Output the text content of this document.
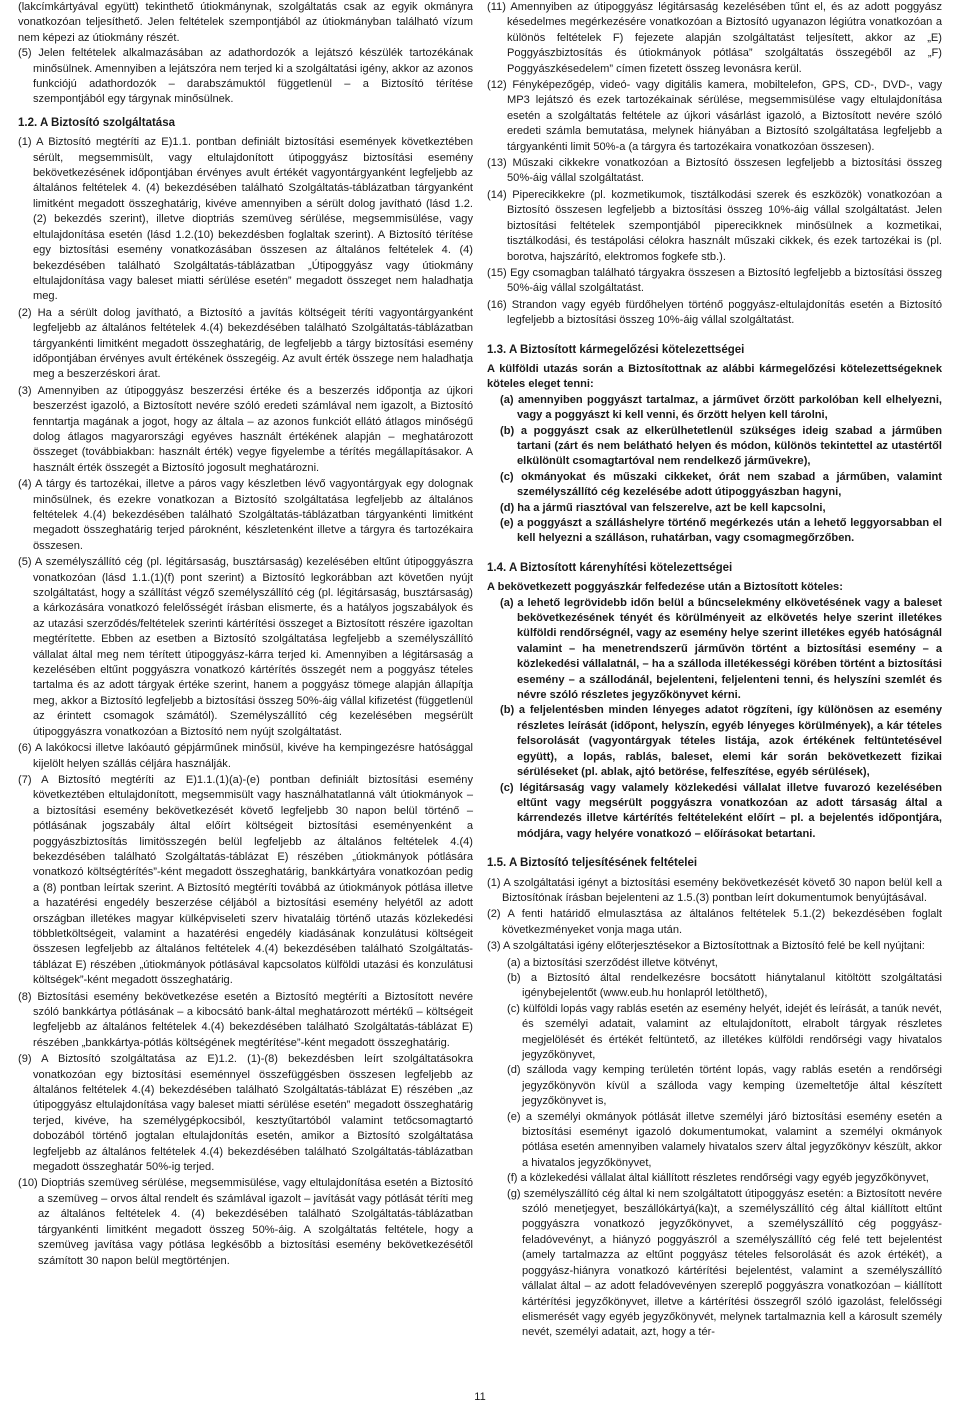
(lakcímkártyával együtt) tekinthető útiokmánynak, szolgáltatás csak az egyik okmányra vonatkozóan teljesíthető. Jelen feltételek szempontjából az útiokmányban található vízum nem képezi az útiokmány részét.

(5) Jelen feltételek alkalmazásában az adathordozók a lejátszó készülék tartozékának minősülnek. Amennyiben a lejátszóra nem terjed ki a szolgáltatási igény, akkor az azonos funkciójú adathordozók – darabszámuktól függetlenül – a Biztosító térítése szempontjából egy tárgynak minősülnek.

1.2. A Biztosító szolgáltatása

(1) A Biztosító megtéríti az E)1.1. pontban definiált biztosítási események következtében sérült, megsemmisült, vagy eltulajdonított útipoggyász biztosítási esemény bekövetkezésének időpontjában érvényes avult értékét vagyontárgyanként legfeljebb az általános feltételek 4. (4) bekezdésében található Szolgáltatás-táblázatban tárgyanként limitként megadott összeghatárig, kivéve amennyiben a sérült dolog javítható (lásd 1.2.(2) bekezdés szerint), illetve dioptriás szemüveg sérülése, megsemmisülése, vagy eltulajdonítása esetén (lásd 1.2.(10) bekezdésben foglaltak szerint). A Biztosító térítése egy biztosítási esemény vonatkozásában összesen az általános feltételek 4. (4) bekezdésében található Szolgáltatás-táblázatban „Útipoggyász vagy útiokmány eltulajdonítása vagy baleset miatti sérülése esetén” megadott összeget nem haladhatja meg.

(2) Ha a sérült dolog javítható, a Biztosító a javítás költségeit téríti vagyontárgyanként legfeljebb az általános feltételek 4.(4) bekezdésében található Szolgáltatás-táblázatban tárgyankénti limitként megadott összeghatárig, de legfeljebb a tárgy biztosítási esemény időpontjában érvényes avult értékének összegéig. Az avult érték összege nem haladhatja meg a beszerzéskori árat.

(3) Amennyiben az útipoggyász beszerzési értéke és a beszerzés időpontja az újkori beszerzést igazoló, a Biztosított nevére szóló eredeti számlával nem igazolt, a Biztosító fenntartja magának a jogot, hogy az általa – az azonos funkciót ellátó átlagos minőségű dolog átlagos magyarországi egyéves használt értékének alapján – meghatározott összeget (továbbiakban: használt érték) vegye figyelembe a térítés megállapításakor. A használt érték összegét a Biztosító jogosult meghatározni.

(4) A tárgy és tartozékai, illetve a páros vagy készletben lévő vagyontárgyak egy dolognak minősülnek, és ezekre vonatkozan a Biztosító szolgáltatása legfeljebb az általános feltételek 4.(4) bekezdésében található Szolgáltatás-táblázatban tárgyankénti limitként megadott összeghatárig terjed pároknént, készletenként illetve a tárgyra és tartozékaira összesen.

(5) A személyszállító cég (pl. légitársaság, busztársaság) kezelésében eltűnt útipoggyászra vonatkozóan (lásd 1.1.(1)(f) pont szerint) a Biztosító legkorábban azt követően nyújt szolgáltatást, hogy a szállítást végző személyszállító cég (pl. légitársaság, busztársaság) a kárkozására vonatkozó felelősségét írásban elismerte, és a hatályos jogszabályok és az utazási szerződés/feltételek szerinti kártérítési összeget a Biztosított részére igazoltan megtérítette. Ebben az esetben a Biztosító szolgáltatása legfeljebb a személyszállító vállalat által meg nem térített útipoggyász-kárra terjed ki. Amennyiben a légitársaság a kezelésében eltűnt poggyászra vonatkozó kártérítés összegét nem a poggyász tételes tartalma és az adott tárgyak értéke szerint, hanem a poggyász tömege alapján állapítja meg, akkor a Biztosító legfeljebb a biztosítási összeg 50%-áig vállal kifizetést (függetlenül az érintett csomagok számától). Személyszállító cég kezelésében megsérült útipoggyászra vonatkozóan a Biztosító nem nyújt szolgáltatást.

(6) A lakókocsi illetve lakóautó gépjárműnek minősül, kivéve ha kempingezésre hatósággal kijelölt helyen szállás céljára használják.

(7) A Biztosító megtéríti az E)1.1.(1)(a)-(e) pontban definiált biztosítási esemény következtében eltulajdonított, megsemmisült vagy használhatatlanná vált útiokmányok – a biztosítási esemény bekövetkezését követő legfeljebb 30 napon belül történő – pótlásának jogszabály által előírt költségeit biztosítási eseményenként a poggyászbiztosítás limitösszegén belül legfeljebb az általános feltételek 4.(4) bekezdésében található Szolgáltatás-táblázat E) részében „útiokmányok pótlására vonatkozó költségtérítés”-ként megadott összeghatárig, bankkártyára vonatkozóan pedig a (8) pontban leírtak szerint. A Biztosító megtéríti továbbá az útiokmányok pótlása illetve a hazatérési engedély beszerzése céljából a biztosítási esemény helyétől az adott országban illetékes magyar külképviseleti szerv hivataláig történő utazás közlekedési többletköltségeit, valamint a hazatérési engedély kiadásának konzulátusi költségeit összesen legfeljebb az általános feltételek 4.(4) bekezdésében található Szolgáltatás-táblázat E) részében „útiokmányok pótlásával kapcsolatos külföldi utazási és konzulátusi költségek”-ként megadott összeghatárig.

(8) Biztosítási esemény bekövetkezése esetén a Biztosító megtéríti a Biztosított nevére szóló bankkártya pótlásának – a kibocsátó bank-által meghatározott mértékű – költségeit legfeljebb az általános feltételek 4.(4) bekezdésében található Szolgáltatás-táblázat E) részében „bankkártya-pótlás költségének megtérítése”-ként megadott összeghatárig.

(9) A Biztosító szolgáltatása az E)1.2. (1)-(8) bekezdésben leírt szolgáltatásokra vonatkozóan egy biztosítási eseménnyel összefüggésben összesen legfeljebb az általános feltételek 4.(4) bekezdésében található Szolgáltatás-táblázat E) részében „az útipoggyász eltulajdonítása vagy baleset miatti sérülése esetén” megadott összeghatárig terjed, kivéve, ha személygépkocsiból, kesztyűtartóból valamint tetőcsomagtartó dobozából történő jogtalan eltulajdonítás esetén, amikor a Biztosító szolgáltatása legfeljebb az általános feltételek 4.(4) bekezdésében található Szolgáltatás-táblázatban megadott összeghatár 50%-ig terjed.

(10) Dioptriás szemüveg sérülése, megsemmisülése, vagy eltulajdonítása esetén a Biztosító a szemüveg – orvos által rendelt és számlával igazolt – javítását vagy pótlását téríti meg az általános feltételek 4. (4) bekezdésében található Szolgáltatás-táblázatban tárgyankénti limitként megadott összeg 50%-áig. A szolgáltatás feltétele, hogy a szemüveg javítása vagy pótlása legkésőbb a biztosítási esemény bekövetkezésétől számított 30 napon belül megtörténjen.

(11) Amennyiben az útipoggyász légitársaság kezelésében tűnt el, és az adott poggyász késedelmes megérkezésére vonatkozóan a Biztosító ugyanazon légiútra vonatkozóan a különös feltételek F) fejezete alapján szolgáltatást teljesített, akkor az „E) Poggyászbiztosítás és útiokmányok pótlása” szolgáltatás összegéből az „F) Poggyászkésedelem” címen fizetett összeg levonásra kerül.

(12) Fényképezőgép, videó- vagy digitális kamera, mobiltelefon, GPS, CD-, DVD-, vagy MP3 lejátszó és ezek tartozékainak sérülése, megsemmisülése vagy eltulajdonítása esetén a szolgáltatás feltétele az újkori vásárlást igazoló, a Biztosított nevére szóló eredeti számla bemutatása, melynek hiányában a Biztosító szolgáltatása legfeljebb a tárgyankénti limit 50%-a (a tárgyra és tartozékaira vonatkozóan összesen).

(13) Műszaki cikkekre vonatkozóan a Biztosító összesen legfeljebb a biztosítási összeg 50%-áig vállal szolgáltatást.

(14) Piperecikkekre (pl. kozmetikumok, tisztálkodási szerek és eszközök) vonatkozóan a Biztosító összesen legfeljebb a biztosítási összeg 10%-áig vállal szolgáltatást. Jelen biztosítási feltételek szempontjából piperecikknek minősülnek a kozmetikai, tisztálkodási, és testápolási célokra használt műszaki cikkek, és ezek tartozékai is (pl. borotva, hajszárító, elektromos fogkefe stb.).

(15) Egy csomagban található tárgyakra összesen a Biztosító legfeljebb a biztosítási összeg 50%-áig vállal szolgáltatást.

(16) Strandon vagy egyéb fürdőhelyen történő poggyász-eltulajdonítás esetén a Biztosító legfeljebb a biztosítási összeg 10%-áig vállal szolgáltatást.

1.3. A Biztosított kármegelőzési kötelezettségei

A külföldi utazás során a Biztosítottnak az alábbi kármegelőzési kötelezettségeknek köteles eleget tenni:

(a) amennyiben poggyászt tartalmaz, a járművet őrzött parkolóban kell elhelyezni, vagy a poggyászt ki kell venni, és őrzött helyen kell tárolni,

(b) a poggyászt csak az elkerülhetetlenül szükséges ideig szabad a járműben tartani (zárt és nem belátható helyen és módon, különös tekintettel az utastértől elkülönült csomagtartóval nem rendelkező járművekre),

(c) okmányokat és műszaki cikkeket, órát nem szabad a járműben, valamint személyszállító cég kezelésébe adott útipoggyászban hagyni,

(d) ha a jármű riasztóval van felszerelve, azt be kell kapcsolni,

(e) a poggyászt a szálláshelyre történő megérkezés után a lehető leggyorsabban el kell helyezni a szálláson, ruhatárban, vagy csomagmegőrzőben.

1.4. A Biztosított kárenyhítési kötelezettségei

A bekövetkezett poggyászkár felfedezése után a Biztosított köteles:

(a) a lehető legrövidebb időn belül a bűncselekmény elkövetésének vagy a baleset bekövetkezésének tényét és körülményeit az elkövetés helye szerint illetékes külföldi rendőrségnél, vagy az esemény helye szerint illetékes egyéb hatóságnál valamint – ha menetrendszerű járművön történt a biztosítási esemény – a közlekedési vállalatnál, – ha a szálloda illetékességi körében történt a biztosítási esemény – a szállodánál, bejelenteni, feljelenteni tenni, és helyszíni szemlét és névre szóló részletes jegyzőkönyvet kérni.

(b) a feljelentésben minden lényeges adatot rögzíteni, így különösen az esemény részletes leírását (időpont, helyszín, egyéb lényeges körülmények), a kár tételes felsorolását (vagyontárgyak tételes listája, azok értékének feltüntetésével együtt), a lopás, rablás, baleset, elemi kár során bekövetkezett fizikai sérüléseket (pl. ablak, ajtó betörése, felfeszítése, egyéb sérülések),

(c) légitársaság vagy valamely közlekedési vállalat illetve fuvarozó kezelésében eltűnt vagy megsérült poggyászra vonatkozóan az adott társaság által a kárrendezés illetve kártérítés feltételeként előírt – pl. a bejelentés időpontjára, módjára, vagy helyére vonatkozó – előírásokat betartani.

1.5. A Biztosító teljesítésének feltételei

(1) A szolgáltatási igényt a biztosítási esemény bekövetkezését követő 30 napon belül kell a Biztosítónak írásban bejelenteni az 1.5.(3) pontban leírt dokumentumok benyújtásával.

(2) A fenti határidő elmulasztása az általános feltételek 5.1.(2) bekezdésében foglalt következményeket vonja maga után.

(3) A szolgáltatási igény előterjesztésekor a Biztosítottnak a Biztosító felé be kell nyújtani:

(a) a biztosítási szerződést illetve kötvényt,

(b) a Biztosító által rendelkezésre bocsátott hiánytalanul kitöltött szolgáltatási igénybejelentőt (www.eub.hu honlapról letölthető),

(c) külföldi lopás vagy rablás esetén az esemény helyét, idejét és leírását, a tanúk nevét, és személyi adatait, valamint az eltulajdonított, elrabolt tárgyak részletes megjelölését és értékét feltüntető, az illetékes külföldi rendőrségi vagy hivatalos jegyzőkönyvet,

(d) szálloda vagy kemping területén történt lopás, vagy rablás esetén a rendőrségi jegyzőkönyvön kívül a szálloda vagy kemping üzemeltetője által készített jegyzőkönyvet is,

(e) a személyi okmányok pótlását illetve személyi járó biztosítási esemény esetén a biztosítási eseményt igazoló dokumentumokat, valamint a személyi okmányok pótlása esetén amennyiben valamely hivatalos szerv által jegyzőkönyv készült, akkor a hivatalos jegyzőkönyvet,

(f) a közlekedési vállalat által kiállított részletes rendőrségi vagy egyéb jegyzőkönyvet,

(g) személyszállító cég által ki nem szolgáltatott útipoggyász esetén: a Biztosított nevére szóló menetjegyet, beszállókártyá(ka)t, a személyszállító cég által kiállított eltűnt poggyászra vonatkozó jegyzőkönyvet, a személyszállító cég poggyász-feladóvevényt, a hiányzó poggyászról a személyszállító cég felé tett bejelentést (amely tartalmazza az eltűnt poggyász tételes felsorolását és azok értékét), a poggyász-hiányra vonatkozó kártérítési bejelentést, valamint a személyszállító vállalat által – az adott feladóvevényen szereplő poggyászra vonatkozóan – kiállított kártérítési jegyzőkönyvet, illetve a kártérítési összegről szóló igazolást, felelősségi elismerését vagy egyéb jegyzőkönyvét, melynek tartalmaznia kell a károsult személy nevét, személyi adatait, azt, hogy a tér-

11
